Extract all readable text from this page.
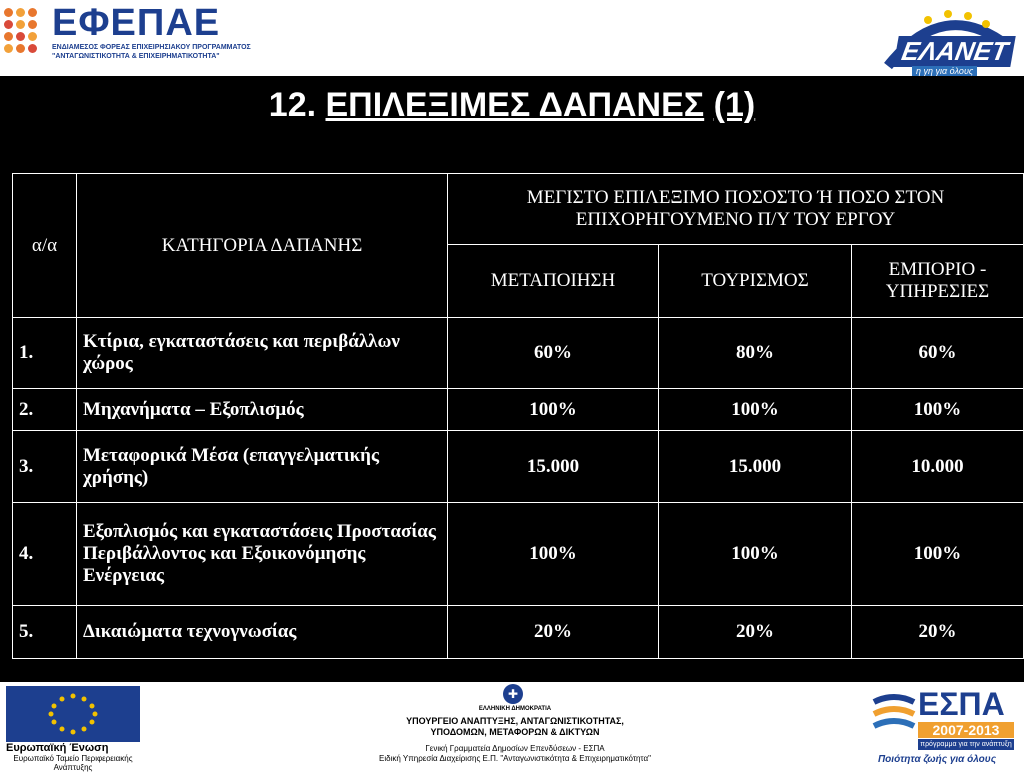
ΕΦΕΠΑΕ
ΕΝΔΙΑΜΕΣΟΣ ΦΟΡΕΑΣ ΕΠΙΧΕΙΡΗΣΙΑΚΟΥ ΠΡΟΓΡΑΜΜΑΤΟΣ
"ΑΝΤΑΓΩΝΙΣΤΙΚΟΤΗΤΑ & ΕΠΙΧΕΙΡΗΜΑΤΙΚΟΤΗΤΑ"	ΕΛΑΝΕΤ
η γη για όλους
12. ΕΠΙΛΕΞΙΜΕΣ ΔΑΠΑΝΕΣ (1)
α/α	ΚΑΤΗΓΟΡΙΑ ΔΑΠΑΝΗΣ	ΜΕΓΙΣΤΟ ΕΠΙΛΕΞΙΜΟ ΠΟΣΟΣΤΟ Ή ΠΟΣΟ ΣΤΟΝ ΕΠΙΧΟΡΗΓΟΥΜΕΝΟ Π/Υ ΤΟΥ ΕΡΓΟΥ		
		ΜΕΤΑΠΟΙΗΣΗ	ΤΟΥΡΙΣΜΟΣ	ΕΜΠΟΡΙΟ - ΥΠΗΡΕΣΙΕΣ
1.	Κτίρια, εγκαταστάσεις και περιβάλλων χώρος	60%	80%	60%
2.	Μηχανήματα – Εξοπλισμός	100%	100%	100%
3.	Μεταφορικά Μέσα (επαγγελματικής χρήσης)	15.000	15.000	10.000
4.	Εξοπλισμός και εγκαταστάσεις Προστασίας Περιβάλλοντος και Εξοικονόμησης Ενέργειας	100%	100%	100%
5.	Δικαιώματα τεχνογνωσίας	20%	20%	20%
Ευρωπαϊκή Ένωση
Ευρωπαϊκό Ταμείο Περιφερειακής Ανάπτυξης
✚
ΕΛΛΗΝΙΚΗ ΔΗΜΟΚΡΑΤΙΑ
ΥΠΟΥΡΓΕΙΟ ΑΝΑΠΤΥΞΗΣ, ΑΝΤΑΓΩΝΙΣΤΙΚΟΤΗΤΑΣ,
ΥΠΟΔΟΜΩΝ, ΜΕΤΑΦΟΡΩΝ & ΔΙΚΤΥΩΝ
Γενική Γραμματεία Δημοσίων Επενδύσεων - ΕΣΠΑ
Ειδική Υπηρεσία Διαχείρισης Ε.Π. "Ανταγωνιστικότητα & Επιχειρηματικότητα"
ΕΣΠΑ
2007-2013
πρόγραμμα για την ανάπτυξη
Ποιότητα ζωής για όλους
